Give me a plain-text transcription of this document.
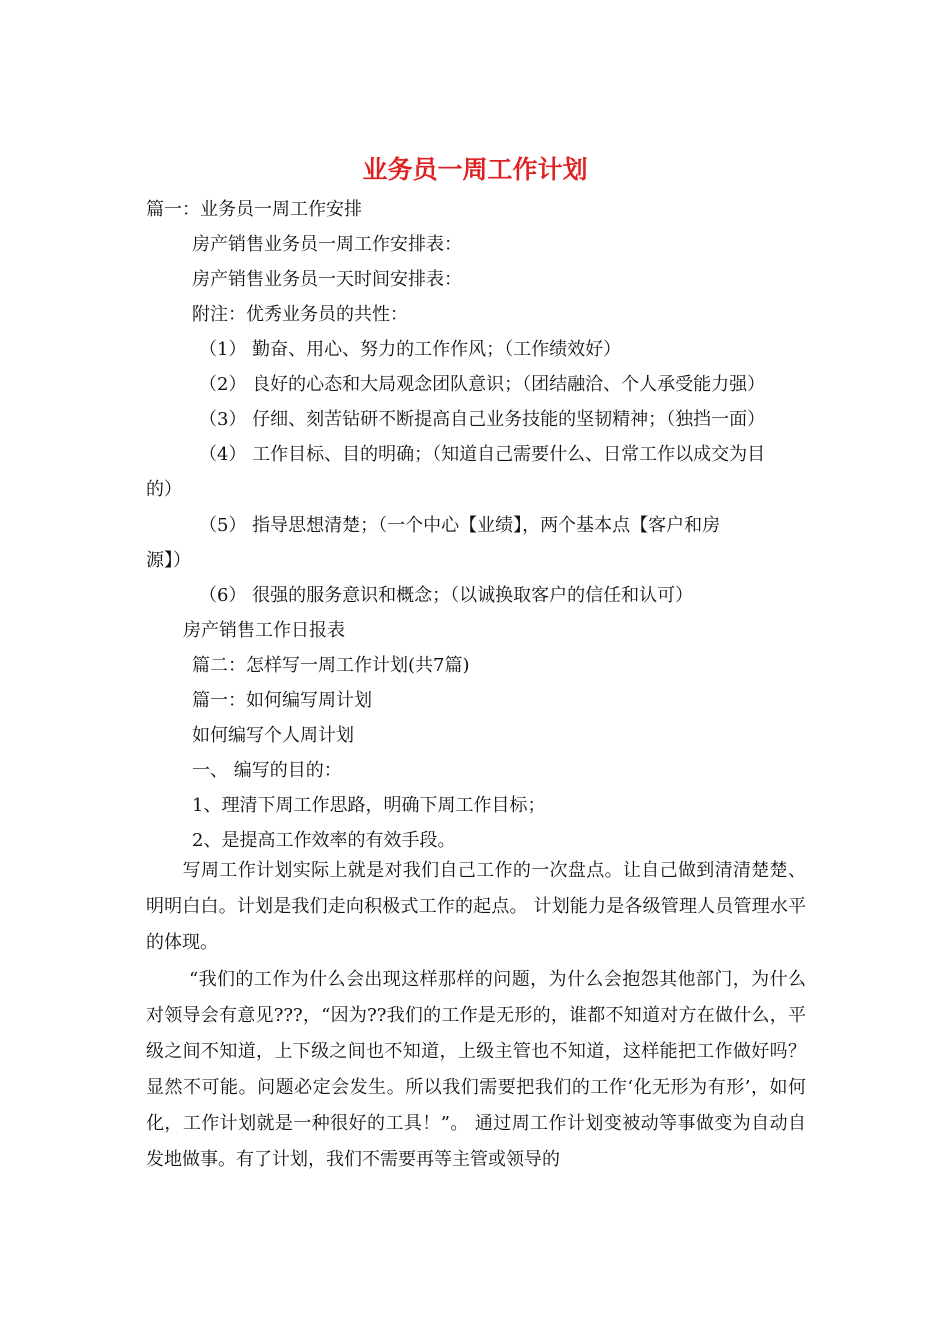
业务员一周工作计划
篇一：业务员一周工作安排
房产销售业务员一周工作安排表：
房产销售业务员一天时间安排表：
附注：优秀业务员的共性：
（1） 勤奋、用心、努力的工作作风；（工作绩效好）
（2） 良好的心态和大局观念团队意识；（团结融洽、个人承受能力强）
（3） 仔细、刻苦钻研不断提高自己业务技能的坚韧精神；（独挡一面）
（4） 工作目标、目的明确；（知道自己需要什么、日常工作以成交为目
的）
（5） 指导思想清楚；（一个中心【业绩】，两个基本点【客户和房
源】）
（6） 很强的服务意识和概念；（以诚换取客户的信任和认可）
房产销售工作日报表
篇二：怎样写一周工作计划(共7篇)
篇一：如何编写周计划
如何编写个人周计划
一、 编写的目的：
1、理清下周工作思路，明确下周工作目标；
2、是提高工作效率的有效手段。
　　写周工作计划实际上就是对我们自己工作的一次盘点。让自己做到清清楚楚、明明白白。计划是我们走向积极式工作的起点。 计划能力是各级管理人员管理水平的体现。
　　 “我们的工作为什么会出现这样那样的问题，为什么会抱怨其他部门，为什么对领导会有意见???，“因为??我们的工作是无形的，谁都不知道对方在做什么，平级之间不知道，上下级之间也不知道，上级主管也不知道，这样能把工作做好吗？显然不可能。问题必定会发生。所以我们需要把我们的工作‘化无形为有形’，如何化，工作计划就是一种很好的工具！”。 通过周工作计划变被动等事做变为自动自发地做事。有了计划，我们不需要再等主管或领导的
